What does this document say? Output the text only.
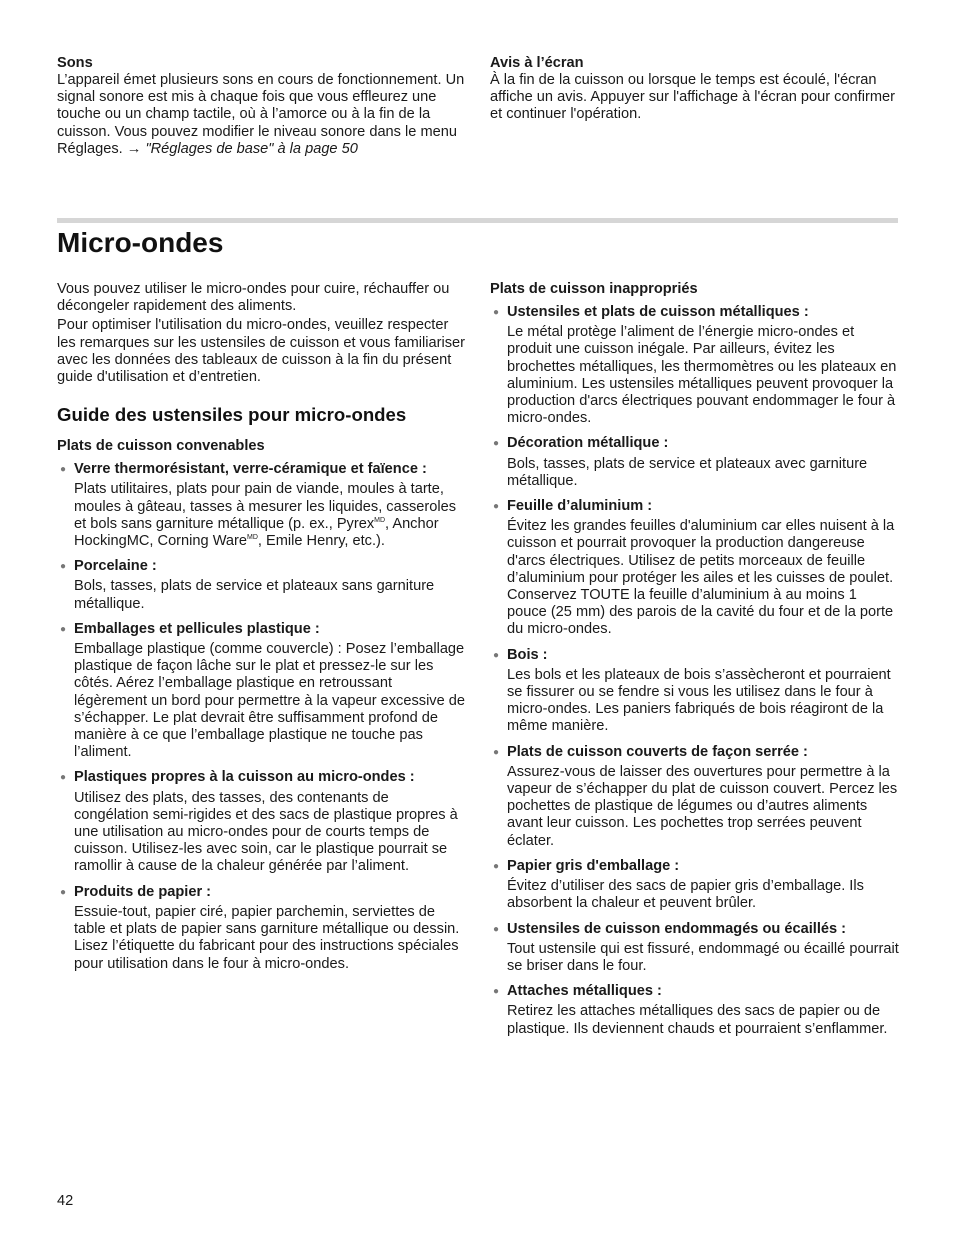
Sons

L’appareil émet plusieurs sons en cours de fonctionnement. Un signal sonore est mis à chaque fois que vous effleurez une touche ou un champ tactile, où à l’amorce ou à la fin de la cuisson. Vous pouvez modifier le niveau sonore dans le menu Réglages. → "Réglages de base" à la page 50

Avis à l’écran

À la fin de la cuisson ou lorsque le temps est écoulé, l'écran affiche un avis. Appuyer sur l'affichage à l'écran pour confirmer et continuer l'opération.

Micro-ondes

Vous pouvez utiliser le micro-ondes pour cuire, réchauffer ou décongeler rapidement des aliments.

Pour optimiser l'utilisation du micro-ondes, veuillez respecter les remarques sur les ustensiles de cuisson et vous familiariser avec les données des tableaux de cuisson à la fin du présent guide d'utilisation et d’entretien.

Guide des ustensiles pour micro-ondes

Plats de cuisson convenables

● Verre thermorésistant, verre-céramique et faïence :
Plats utilitaires, plats pour pain de viande, moules à tarte, moules à gâteau, tasses à mesurer les liquides, casseroles et bols sans garniture métallique (p. ex., Pyrex$^{MD}$, Anchor HockingMC, Corning Ware$^{MD}$, Emile Henry, etc.).
● Porcelaine :
Bols, tasses, plats de service et plateaux sans garniture métallique.
● Emballages et pellicules plastique :
Emballage plastique (comme couvercle) : Posez l’emballage plastique de façon lâche sur le plat et pressez-le sur les côtés. Aérez l’emballage plastique en retroussant légèrement un bord pour permettre à la vapeur excessive de s’échapper. Le plat devrait être suffisamment profond de manière à ce que l’emballage plastique ne touche pas l’aliment.
● Plastiques propres à la cuisson au micro-ondes :
Utilisez des plats, des tasses, des contenants de congélation semi-rigides et des sacs de plastique propres à une utilisation au micro-ondes pour de courts temps de cuisson. Utilisez-les avec soin, car le plastique pourrait se ramollir à cause de la chaleur générée par l’aliment.
● Produits de papier :
Essuie-tout, papier ciré, papier parchemin, serviettes de table et plats de papier sans garniture métallique ou dessin. Lisez l’étiquette du fabricant pour des instructions spéciales pour utilisation dans le four à micro-ondes.

Plats de cuisson inappropriés

● Ustensiles et plats de cuisson métalliques :
Le métal protège l’aliment de l’énergie micro-ondes et produit une cuisson inégale. Par ailleurs, évitez les brochettes métalliques, les thermomètres ou les plateaux en aluminium. Les ustensiles métalliques peuvent provoquer la production d'arcs électriques pouvant endommager le four à micro-ondes.
● Décoration métallique :
Bols, tasses, plats de service et plateaux avec garniture métallique.
● Feuille d’aluminium :
Évitez les grandes feuilles d'aluminium car elles nuisent à la cuisson et pourrait provoquer la production dangereuse d'arcs électriques. Utilisez de petits morceaux de feuille d’aluminium pour protéger les ailes et les cuisses de poulet. Conservez TOUTE la feuille d’aluminium à au moins 1 pouce (25 mm) des parois de la cavité du four et de la porte du micro-ondes.
● Bois :
Les bols et les plateaux de bois s’assècheront et pourraient se fissurer ou se fendre si vous les utilisez dans le four à micro-ondes. Les paniers fabriqués de bois réagiront de la même manière.
● Plats de cuisson couverts de façon serrée :
Assurez-vous de laisser des ouvertures pour permettre à la vapeur de s’échapper du plat de cuisson couvert. Percez les pochettes de plastique de légumes ou d’autres aliments avant leur cuisson. Les pochettes trop serrées peuvent éclater.
● Papier gris d'emballage :
Évitez d’utiliser des sacs de papier gris d’emballage. Ils absorbent la chaleur et peuvent brûler.
● Ustensiles de cuisson endommagés ou écaillés :
Tout ustensile qui est fissuré, endommagé ou écaillé pourrait se briser dans le four.
● Attaches métalliques :
Retirez les attaches métalliques des sacs de papier ou de plastique. Ils deviennent chauds et pourraient s’enflammer.
42
